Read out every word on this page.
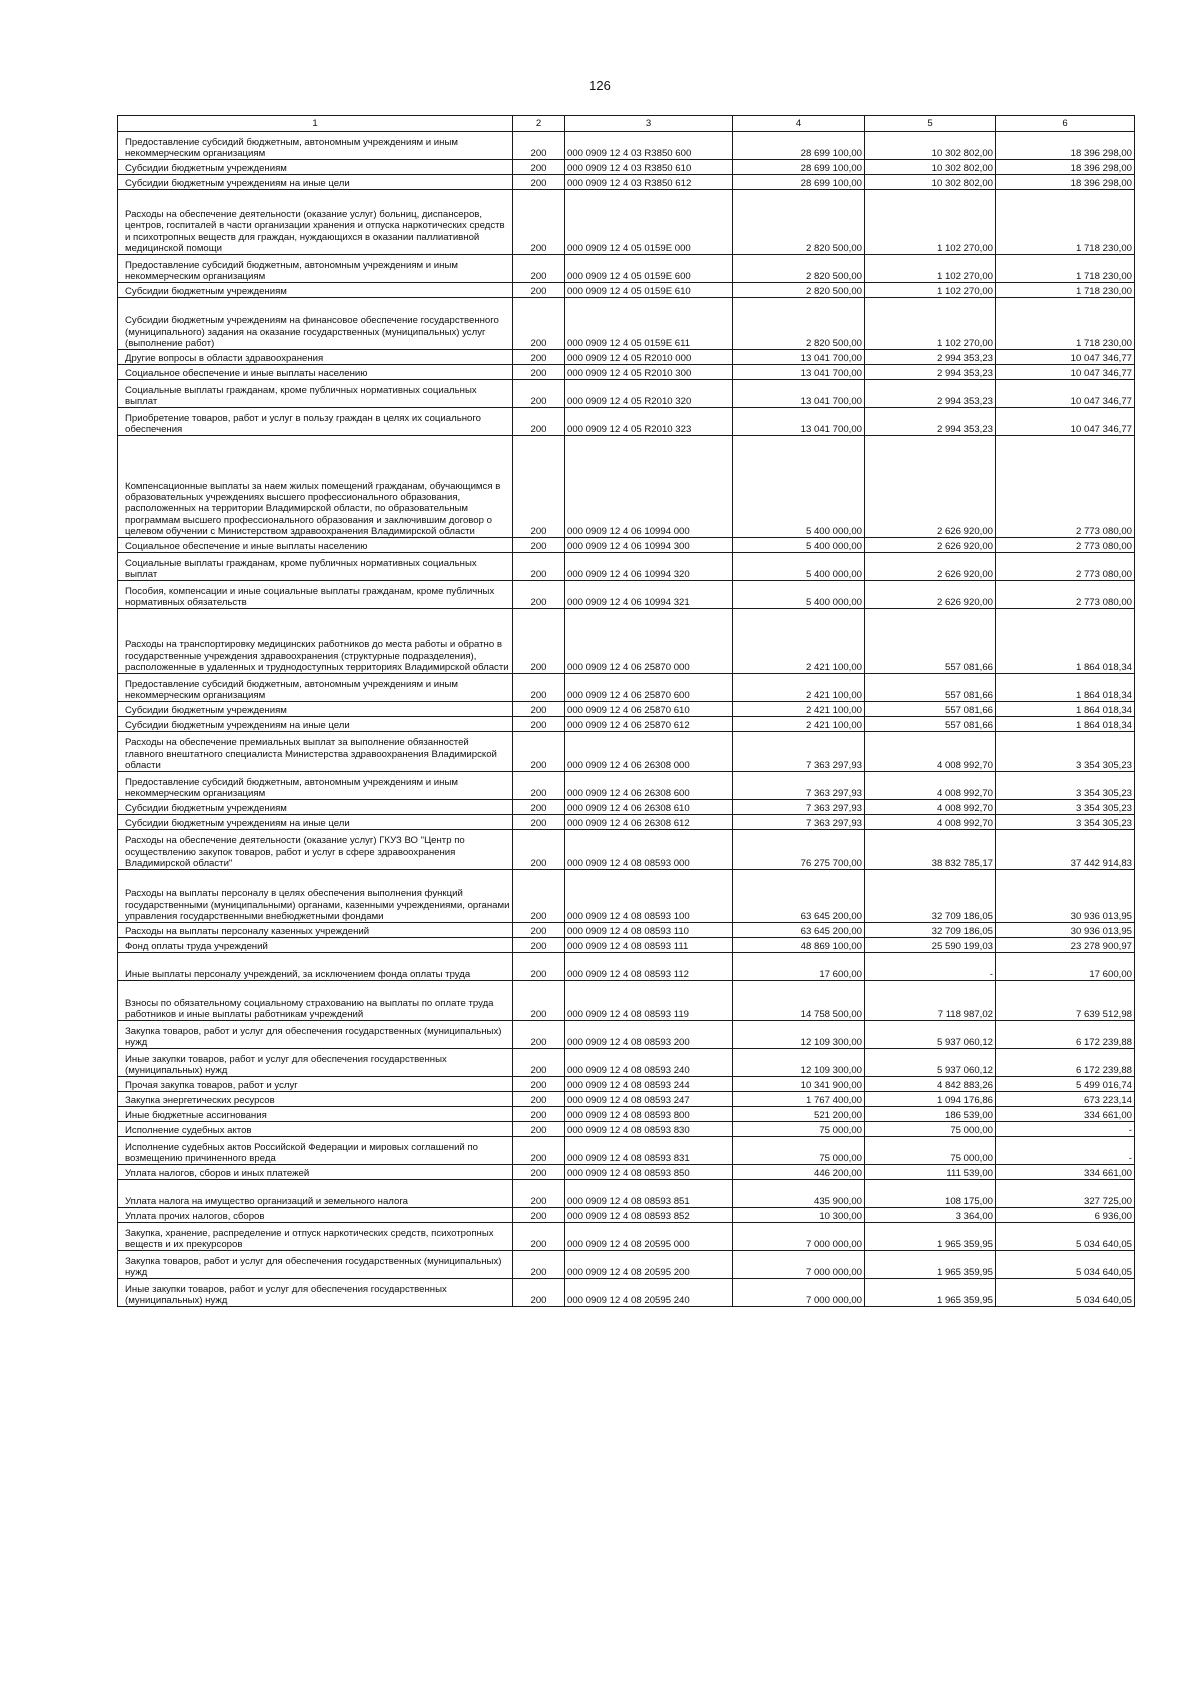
126
1	2	3	4	5	6

Предоставление субсидий бюджетным, автономным учреждениям и иным некоммерческим организациям	200	000 0909 12 4 03 R3850 600	28 699 100,00	10 302 802,00	18 396 298,00

Субсидии бюджетным учреждениям	200	000 0909 12 4 03 R3850 610	28 699 100,00	10 302 802,00	18 396 298,00

Субсидии бюджетным учреждениям на иные цели	200	000 0909 12 4 03 R3850 612	28 699 100,00	10 302 802,00	18 396 298,00

Расходы на обеспечение деятельности (оказание услуг) больниц, диспансеров, центров, госпиталей в части организации хранения и отпуска наркотических средств и психотропных веществ для граждан, нуждающихся в оказании паллиативной медицинской помощи	200	000 0909 12 4 05 0159E 000	2 820 500,00	1 102 270,00	1 718 230,00

Предоставление субсидий бюджетным, автономным учреждениям и иным некоммерческим организациям	200	000 0909 12 4 05 0159E 600	2 820 500,00	1 102 270,00	1 718 230,00

Субсидии бюджетным учреждениям	200	000 0909 12 4 05 0159E 610	2 820 500,00	1 102 270,00	1 718 230,00

Субсидии бюджетным учреждениям на финансовое обеспечение государственного (муниципального) задания на оказание государственных (муниципальных) услуг (выполнение работ)	200	000 0909 12 4 05 0159E 611	2 820 500,00	1 102 270,00	1 718 230,00

Другие вопросы в области здравоохранения	200	000 0909 12 4 05 R2010 000	13 041 700,00	2 994 353,23	10 047 346,77

Социальное обеспечение и иные выплаты населению	200	000 0909 12 4 05 R2010 300	13 041 700,00	2 994 353,23	10 047 346,77

Социальные выплаты гражданам, кроме публичных нормативных социальных выплат	200	000 0909 12 4 05 R2010 320	13 041 700,00	2 994 353,23	10 047 346,77

Приобретение товаров, работ и услуг в пользу граждан в целях их социального обеспечения	200	000 0909 12 4 05 R2010 323	13 041 700,00	2 994 353,23	10 047 346,77

Компенсационные выплаты за наем жилых помещений гражданам, обучающимся в образовательных учреждениях высшего профессионального образования, расположенных на территории Владимирской области, по образовательным программам высшего профессионального образования и заключившим договор о целевом обучении с Министерством здравоохранения Владимирской области	200	000 0909 12 4 06 10994 000	5 400 000,00	2 626 920,00	2 773 080,00

Социальное обеспечение и иные выплаты населению	200	000 0909 12 4 06 10994 300	5 400 000,00	2 626 920,00	2 773 080,00

Социальные выплаты гражданам, кроме публичных нормативных социальных выплат	200	000 0909 12 4 06 10994 320	5 400 000,00	2 626 920,00	2 773 080,00

Пособия, компенсации и иные социальные выплаты гражданам, кроме публичных нормативных обязательств	200	000 0909 12 4 06 10994 321	5 400 000,00	2 626 920,00	2 773 080,00

Расходы на транспортировку медицинских работников до места работы и обратно в государственные учреждения здравоохранения (структурные подразделения), расположенные в удаленных и труднодоступных территориях Владимирской области	200	000 0909 12 4 06 25870 000	2 421 100,00	557 081,66	1 864 018,34

Предоставление субсидий бюджетным, автономным учреждениям и иным некоммерческим организациям	200	000 0909 12 4 06 25870 600	2 421 100,00	557 081,66	1 864 018,34

Субсидии бюджетным учреждениям	200	000 0909 12 4 06 25870 610	2 421 100,00	557 081,66	1 864 018,34

Субсидии бюджетным учреждениям на иные цели	200	000 0909 12 4 06 25870 612	2 421 100,00	557 081,66	1 864 018,34

Расходы на обеспечение премиальных выплат за выполнение обязанностей главного внештатного специалиста Министерства здравоохранения Владимирской области	200	000 0909 12 4 06 26308 000	7 363 297,93	4 008 992,70	3 354 305,23

Предоставление субсидий бюджетным, автономным учреждениям и иным некоммерческим организациям	200	000 0909 12 4 06 26308 600	7 363 297,93	4 008 992,70	3 354 305,23

Субсидии бюджетным учреждениям	200	000 0909 12 4 06 26308 610	7 363 297,93	4 008 992,70	3 354 305,23

Субсидии бюджетным учреждениям на иные цели	200	000 0909 12 4 06 26308 612	7 363 297,93	4 008 992,70	3 354 305,23

Расходы на обеспечение деятельности (оказание услуг) ГКУЗ ВО "Центр по осуществлению закупок товаров, работ и услуг в сфере здравоохранения Владимирской области"	200	000 0909 12 4 08 08593 000	76 275 700,00	38 832 785,17	37 442 914,83

Расходы на выплаты персоналу в целях обеспечения выполнения функций государственными (муниципальными) органами, казенными учреждениями, органами управления государственными внебюджетными фондами	200	000 0909 12 4 08 08593 100	63 645 200,00	32 709 186,05	30 936 013,95

Расходы на выплаты персоналу казенных учреждений	200	000 0909 12 4 08 08593 110	63 645 200,00	32 709 186,05	30 936 013,95

Фонд оплаты труда учреждений	200	000 0909 12 4 08 08593 111	48 869 100,00	25 590 199,03	23 278 900,97

Иные выплаты персоналу учреждений, за исключением фонда оплаты труда	200	000 0909 12 4 08 08593 112	17 600,00	-	17 600,00

Взносы по обязательному социальному страхованию на выплаты по оплате труда работников и иные выплаты работникам учреждений	200	000 0909 12 4 08 08593 119	14 758 500,00	7 118 987,02	7 639 512,98

Закупка товаров, работ и услуг для обеспечения государственных (муниципальных) нужд	200	000 0909 12 4 08 08593 200	12 109 300,00	5 937 060,12	6 172 239,88

Иные закупки товаров, работ и услуг для обеспечения государственных (муниципальных) нужд	200	000 0909 12 4 08 08593 240	12 109 300,00	5 937 060,12	6 172 239,88

Прочая закупка товаров, работ и услуг	200	000 0909 12 4 08 08593 244	10 341 900,00	4 842 883,26	5 499 016,74

Закупка энергетических ресурсов	200	000 0909 12 4 08 08593 247	1 767 400,00	1 094 176,86	673 223,14

Иные бюджетные ассигнования	200	000 0909 12 4 08 08593 800	521 200,00	186 539,00	334 661,00

Исполнение судебных актов	200	000 0909 12 4 08 08593 830	75 000,00	75 000,00	-

Исполнение судебных актов Российской Федерации и мировых соглашений по возмещению причиненного вреда	200	000 0909 12 4 08 08593 831	75 000,00	75 000,00	-

Уплата налогов, сборов и иных платежей	200	000 0909 12 4 08 08593 850	446 200,00	111 539,00	334 661,00

Уплата налога на имущество организаций и земельного налога	200	000 0909 12 4 08 08593 851	435 900,00	108 175,00	327 725,00

Уплата прочих налогов, сборов	200	000 0909 12 4 08 08593 852	10 300,00	3 364,00	6 936,00

Закупка, хранение, распределение и отпуск наркотических средств, психотропных веществ и их прекурсоров	200	000 0909 12 4 08 20595 000	7 000 000,00	1 965 359,95	5 034 640,05

Закупка товаров, работ и услуг для обеспечения государственных (муниципальных) нужд	200	000 0909 12 4 08 20595 200	7 000 000,00	1 965 359,95	5 034 640,05

Иные закупки товаров, работ и услуг для обеспечения государственных (муниципальных) нужд	200	000 0909 12 4 08 20595 240	7 000 000,00	1 965 359,95	5 034 640,05
